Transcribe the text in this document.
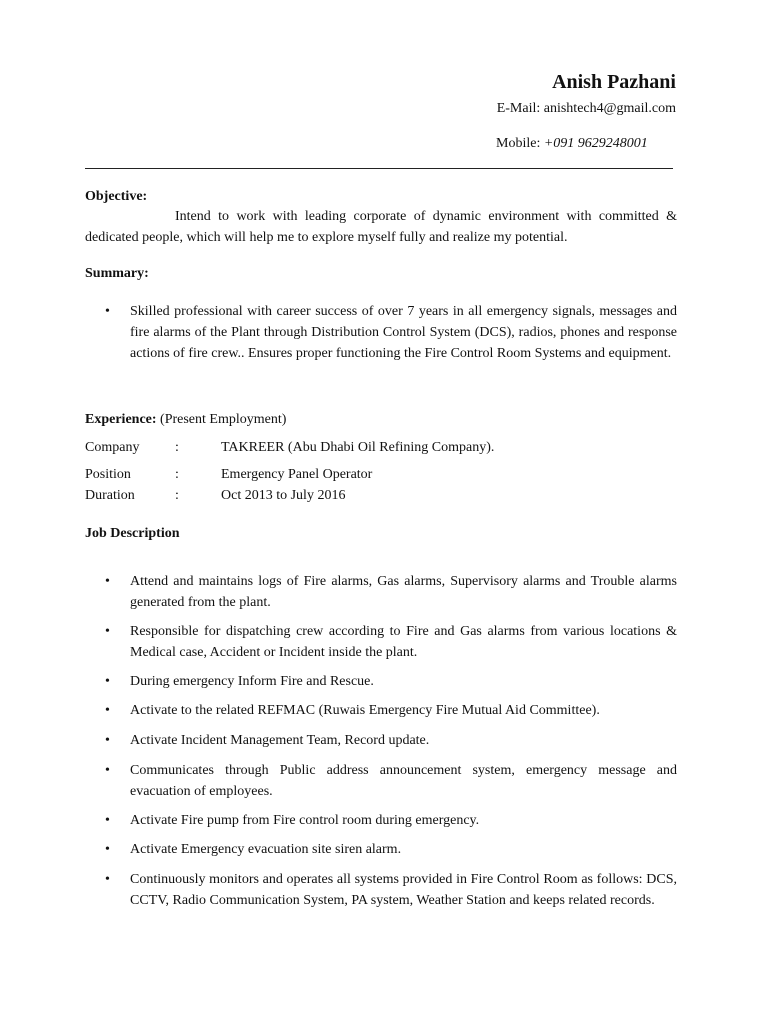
Anish Pazhani
E-Mail: anishtech4@gmail.com
Mobile: +091 9629248001
Objective:
Intend to work with leading corporate of dynamic environment with committed & dedicated people, which will help me to explore myself fully and realize my potential.
Summary:
• Skilled professional with career success of over 7 years in all emergency signals, messages and fire alarms of the Plant through Distribution Control System (DCS), radios, phones and response actions of fire crew.. Ensures proper functioning the Fire Control Room Systems and equipment.
Experience: (Present Employment)
Company	:	TAKREER (Abu Dhabi Oil Refining Company).
Position	:	Emergency Panel Operator
Duration	:	Oct 2013 to July 2016
Job Description
• Attend and maintains logs of Fire alarms, Gas alarms, Supervisory alarms and Trouble alarms generated from the plant.
• Responsible for dispatching crew according to Fire and Gas alarms from various locations & Medical case, Accident or Incident inside the plant.
• During emergency Inform Fire and Rescue.
• Activate to the related REFMAC (Ruwais Emergency Fire Mutual Aid Committee).
• Activate Incident Management Team, Record update.
• Communicates through Public address announcement system, emergency message and evacuation of employees.
• Activate Fire pump from Fire control room during emergency.
• Activate Emergency evacuation site siren alarm.
• Continuously monitors and operates all systems provided in Fire Control Room as follows: DCS, CCTV, Radio Communication System, PA system, Weather Station and keeps related records.
